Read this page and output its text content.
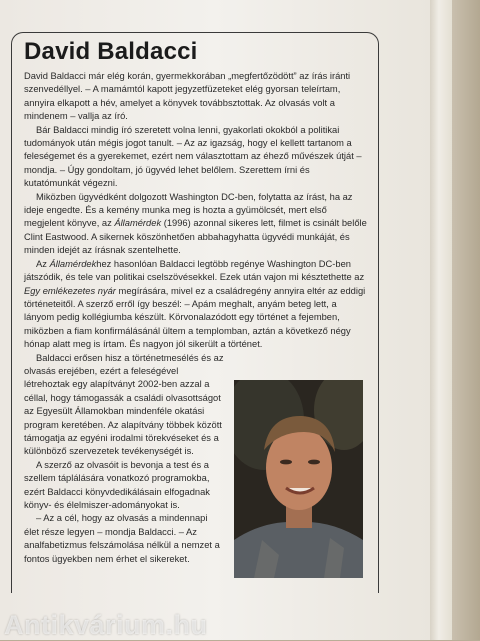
David Baldacci

David Baldacci már elég korán, gyermekkorában „megfertőzödött” az írás iránti szenvedéllyel. – A mamámtól kapott jegyzetfüzeteket elég gyorsan teleírtam, annyira elkapott a hév, amelyet a könyvek továbbsztottak. Az olvasás volt a mindenem – vallja az író.

Bár Baldacci mindig író szeretett volna lenni, gyakorlati okokból a politikai tudományok után mégis jogot tanult. – Az az igazság, hogy el kellett tartanom a feleségemet és a gyerekemet, ezért nem választottam az éhező művészek útját – mondja. – Úgy gondoltam, jó ügyvéd lehet belőlem. Szerettem írni és kutatómunkát végezni.

Miközben ügyvédként dolgozott Washington DC-ben, folytatta az írást, ha az ideje engedte. És a kemény munka meg is hozta a gyümölcsét, mert első megjelent könyve, az Államérdek (1996) azonnal sikeres lett, filmet is csinált belőle Clint Eastwood. A sikernek köszönhetően abbahagyhatta ügyvédi munkáját, és minden idejét az írásnak szentelhette.

Az Államérdekhez hasonlóan Baldacci legtöbb regénye Washington DC-ben játszódik, és tele van politikai cselszövésekkel. Ezek után vajon mi késztethette az Egy emlékezetes nyár megírására, mivel ez a családregény annyira eltér az eddigi történeteitől. A szerző erről így beszél: – Apám meghalt, anyám beteg lett, a lányom pedig kollégiumba készült. Körvonalazódott egy történet a fejemben, miközben a fiam konfirmálásánál ültem a templomban, aztán a következő négy hónap alatt meg is írtam. És nagyon jól sikerült a történet.

Baldacci erősen hisz a történetmesélés és az olvasás erejében, ezért a feleségével létrehoztak egy alapítványt 2002-ben azzal a céllal, hogy támogassák a családi olvasottságot az Egyesült Államokban mindenféle okatási program keretében. Az alapítvány többek között támogatja az egyéni irodalmi törekvéseket és a különböző szervezetek tevékenységét is.

A szerző az olvasóit is bevonja a test és a szellem táplálására vonatkozó programokba, ezért Baldacci könyvdedikálásain elfogadnak könyv- és élelmiszer-adományokat is.

– Az a cél, hogy az olvasás a mindennapi élet része legyen – mondja Baldacci. – Az analfabetizmus felszámolása nélkül a nemzet a fontos ügyekben nem érhet el sikereket.

Antikvárium.hu
